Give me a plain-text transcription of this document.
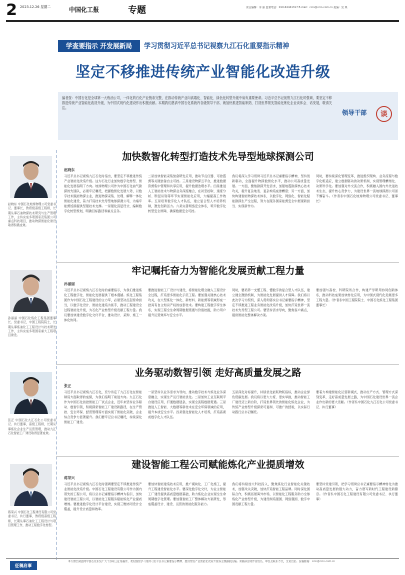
2 2023.12.26 星期二	中国化工报	专题	责任编辑：李 丽 监督电话：010-64441317 E-mail：ccin@ccin.com.cn 美编：吴 瑛
学查要指示 开发展新局	学习贯彻习近平总书记视察九江石化重要指示精神
坚定不移推进传统产业智能化改造升级
编者按：中国石化是全球第一大炼油公司，一体化的石化产业链条完整，在推动传统产业向高端化、智能化、绿色化转型升级中肩负重要使命。习近平总书记视察九江石化时强调，要坚定不移推进传统产业智能化改造升级，为中国式现代化建设作出积极贡献。本期我们邀请中国石化系统内各级领导干部，就加快推进智能制造、打造世界领先智能化炼化企业谈体会、话发展，敬请关注。
领导干部	谈
加快数智化转型打造技术先导型地球探测公司
赵晓东 中国石化地球物理公司党委书记、董事长，教授级高级工程师，长期从事石油物探技术研究与生产管理工作，主持完成多项国家及集团公司重点科技项目，推动物探智能化建设取得积极成效。
赵晓东
习近平总书记视察九江石化时指出，要坚定不移推进传统产业智能化改造升级。这为石化行业加快数字化转型、智能化发展指明了方向。地球物理公司作为中国石化油气勘探的先锋队，必须牢记嘱托，把握数智化发展大势，以数字技术赋能物探主业，推进物探采集、处理、解释一体化智能化建设，着力打造技术先导型地球探测公司，为端牢能源饭碗提供坚强技术支撑。一是强化顶层设计，编制数字化转型规划，明确目标路径和重点任务。
二是加快智能采集装备研发应用，推动节点仪器、可控震源等关键装备自主可控。三是建设物探云平台，推进数据资源集中管理和共享应用，提升数据治理水平。四是推进人工智能技术与物探业务深度融合，在初至拾取、速度分析、断层识别等环节实现智能化应用，大幅提高工作效率。五是培育数字化人才队伍，建立复合型人才培养机制，激发创新活力。六是完善网络安全体系，筑牢数字化转型安全屏障，确保数据安全可控。
我们将深入学习贯彻习近平总书记重要指示精神，坚持创新驱动，全面提升物探数智化水平，推动公司高质量发展。一方面，聚焦勘探开发需求，加强地震勘探核心技术攻关，提升复杂地表、复杂构造成像精度；另一方面，加快构建智能物探技术体系，以数字化、网络化、智能化赋能勘探生产全过程，努力在服务国家能源安全中展现新担当、实现新作为。
同时，要持续深化管理变革，推进组织架构、业务流程与数字化相适应，建立数据驱动的决策机制，实现管理精细化、决策科学化。要加强对外交流合作，积极融入国内外先进技术生态，提升核心竞争力，为建设世界一流地球探测公司而不懈奋斗。（作者系中国石化地球物理公司党委书记、董事长）
牢记嘱托奋力为智能化发展贡献工程力量
孙丽丽 中国石化炼化工程集团董事长、党委书记，中国工程院院士，长期从事炼油化工工程设计与技术研发工作，主持完成多项国家重大工程项目建设。
孙丽丽
习近平总书记视察九江石化时的重要指示，为我们推进炼化工程数字化、智能化发展提供了根本遵循。炼化工程集团作为中国石化工程建设的主力军，必须坚决扛起使命担当，以数字化设计、智能化建造为抓手，推动工程建设全过程智能化升级，为石化产业转型升级贡献工程力量。我们要加快建设数字化交付平台，推动设计、采购、施工一体化协同。
要推进智能工厂设计与建设，将智能化理念融入工程设计全过程，打造更多智能化示范工程。要加强关键核心技术攻关，在大型炼化一体化、新材料、新能源等领域形成一批具有自主知识产权的成套技术。要构建工程数字孪生体系，实现工程全生命周期数据贯通与价值挖掘，助力用户提升运营效率与安全水平。
同时，要培养一支懂工程、懂数字的复合型人才队伍，建立健全激励机制，为智能化发展提供人才保障。我们将以此次学习为契机，深入贯彻落实总书记重要指示精神，坚定不移推进工程业务智能化改造升级，加快打造世界一流技术先导型工程公司。要坚持需求导向，聚焦客户痛点，提供智能化整体解决方案。
要加强与高校、科研院所合作，构建产学研用协同创新体系，推动科技成果加快转化应用，为中国式现代化贡献更多工程力量。（作者系中国工程院院士、中国石化炼化工程集团董事长）
业务驱动数智引领 走好高质量发展之路
张正 中国石化九江石化公司党委书记、执行董事，高级工程师，长期从事炼化企业生产运营管理，推动九江石化智能工厂建设取得显著成效。
张正
习近平总书记视察九江石化，充分肯定了九江石化在智能制造方面取得的成绩，为我们指明了前进方向。九江石化作为中国石化首批智能工厂试点企业，近年来坚持业务驱动、数智引领，积极探索智能工厂建设新路径，在生产管控、安全环保、经营管理等方面实现了智能化突破，企业综合竞争力显著提升。我们要牢记总书记嘱托，持续深化智能工厂建设。
一是坚持以业务需求为导向，推动数字技术与炼化业务深度融合，实现生产运行智能优化。二是加快工业互联网平台建设应用，打通数据链条，实现全流程数据贯通。三是推进人工智能、大数据等新技术在安全环保领域的应用，提升本质安全水平。四是强化智能化人才培养，打造高素质数字化人才队伍。
五是深化对标提升，持续优化能耗物耗指标，推动企业绿色低碳发展。我们将以更大力度、更实举措，推动智能工厂建设迈上新台阶，打造世界领先的智能化炼化企业，为传统产业转型升级探索可复制、可推广的经验，以实际行动践行总书记嘱托。
要着力构建智能化运营新模式，推动生产方式、管理方式深刻变革，走好高质量发展之路，为中国石化建设世界一流企业作出新的更大贡献。（作者系中国石化九江石化公司党委书记、执行董事）
建设智能工程公司赋能炼化产业提质增效
蒋荣兴 中国石化工程建设有限公司党委书记、执行董事，教授级高级工程师，长期从事石油化工工程设计与项目管理工作，推动工程数字化转型。
蒋荣兴
习近平总书记视察九江石化时强调要坚定不移推进传统产业智能化改造升级。中国石化工程建设有限公司作为国内领先的工程公司，将以总书记重要指示精神为指引，加快建设智能工程公司，以智能化工程服务赋能炼化产业提质增效。要推进数字化设计平台建设，实现三维协同设计全覆盖，提升设计质量和效率。
要加快智能建造技术应用，推广模块化、工厂化施工，提升工程建设智能化水平。要深化数字化交付，为业主智能工厂建设提供高质量数据基础，助力炼化企业实现全生命周期数字化管理。要加强智能工厂整体解决方案研发，形成覆盖设计、建设、运营的智能化服务能力。
我们将持续加大科技投入，聚焦炼化行业智能化关键技术，加强攻关突破，加快打造智能工程品牌。同时深化国际合作，积极拓展海外市场，以智能化工程服务助力全球炼化产业转型升级，为建设制造强国、网络强国、数字中国贡献工程力量。
要坚持党建引领，把学习贯彻总书记重要指示精神转化为推动高质量发展的强大动力，奋力谱写新时代工程建设新篇章。（作者系中国石化工程建设有限公司党委书记、执行董事）
征稿启事
本专题长期面向中国石化系统广大干部职工征集稿件，欢迎围绕学习贯彻习近平总书记重要指示精神、推进传统产业智能化改造升级等主题踊跃投稿。来稿请注明作者姓名、单位及联系方式，文责自负。投稿邮箱：ccin@ccin.com.cn
